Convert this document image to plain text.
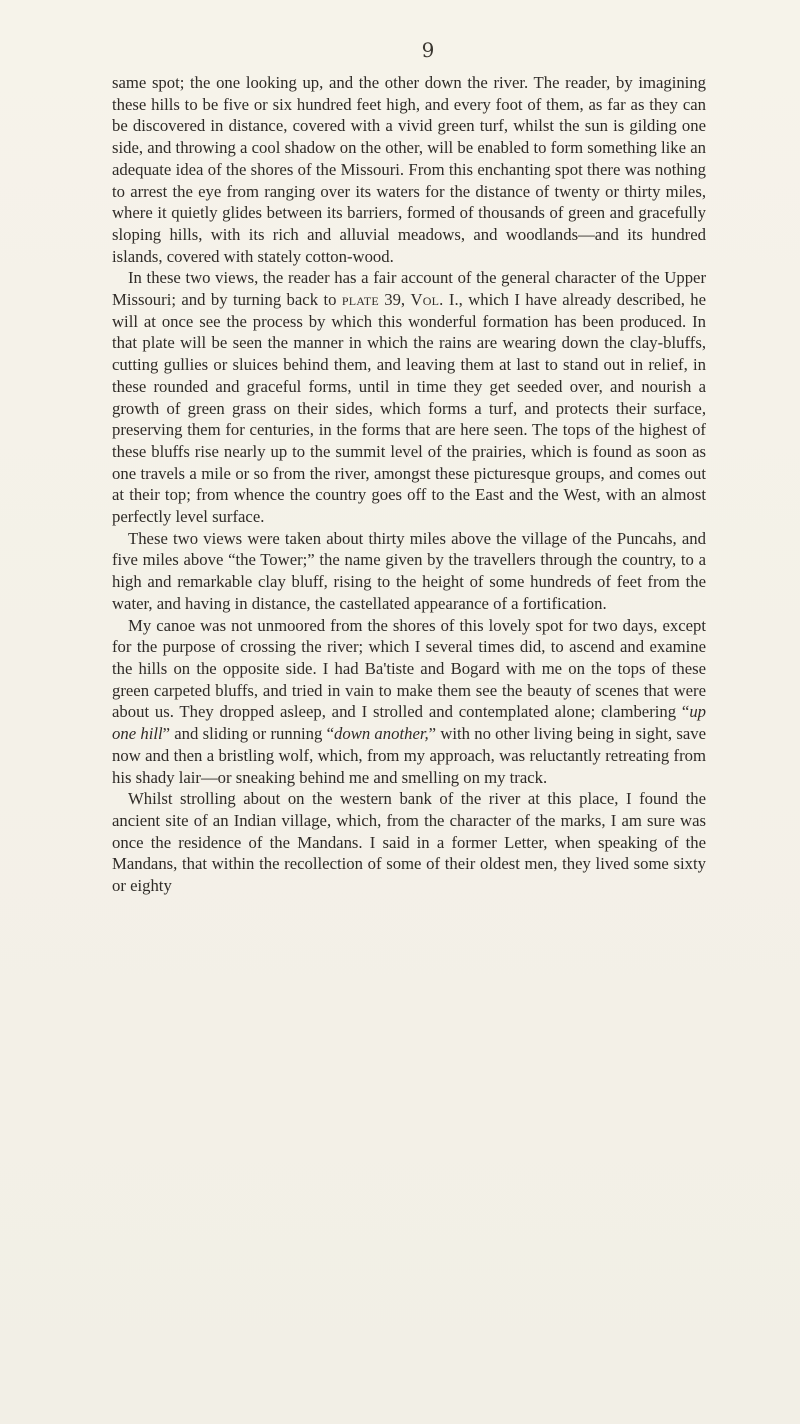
9

same spot; the one looking up, and the other down the river. The reader, by imagining these hills to be five or six hundred feet high, and every foot of them, as far as they can be discovered in distance, covered with a vivid green turf, whilst the sun is gilding one side, and throwing a cool shadow on the other, will be enabled to form something like an adequate idea of the shores of the Missouri. From this enchanting spot there was nothing to arrest the eye from ranging over its waters for the distance of twenty or thirty miles, where it quietly glides between its barriers, formed of thousands of green and gracefully sloping hills, with its rich and alluvial meadows, and woodlands—and its hundred islands, covered with stately cotton-wood.

In these two views, the reader has a fair account of the general character of the Upper Missouri; and by turning back to plate 39, Vol. I., which I have already described, he will at once see the process by which this wonderful formation has been produced. In that plate will be seen the manner in which the rains are wearing down the clay-bluffs, cutting gullies or sluices behind them, and leaving them at last to stand out in relief, in these rounded and graceful forms, until in time they get seeded over, and nourish a growth of green grass on their sides, which forms a turf, and protects their surface, preserving them for centuries, in the forms that are here seen. The tops of the highest of these bluffs rise nearly up to the summit level of the prairies, which is found as soon as one travels a mile or so from the river, amongst these picturesque groups, and comes out at their top; from whence the country goes off to the East and the West, with an almost perfectly level surface.

These two views were taken about thirty miles above the village of the Puncahs, and five miles above “the Tower;” the name given by the travellers through the country, to a high and remarkable clay bluff, rising to the height of some hundreds of feet from the water, and having in distance, the castellated appearance of a fortification.

My canoe was not unmoored from the shores of this lovely spot for two days, except for the purpose of crossing the river; which I several times did, to ascend and examine the hills on the opposite side. I had Ba'tiste and Bogard with me on the tops of these green carpeted bluffs, and tried in vain to make them see the beauty of scenes that were about us. They dropped asleep, and I strolled and contemplated alone; clambering “up one hill” and sliding or running “down another,” with no other living being in sight, save now and then a bristling wolf, which, from my approach, was reluctantly retreating from his shady lair—or sneaking behind me and smelling on my track.

Whilst strolling about on the western bank of the river at this place, I found the ancient site of an Indian village, which, from the character of the marks, I am sure was once the residence of the Mandans. I said in a former Letter, when speaking of the Mandans, that within the recollection of some of their oldest men, they lived some sixty or eighty
